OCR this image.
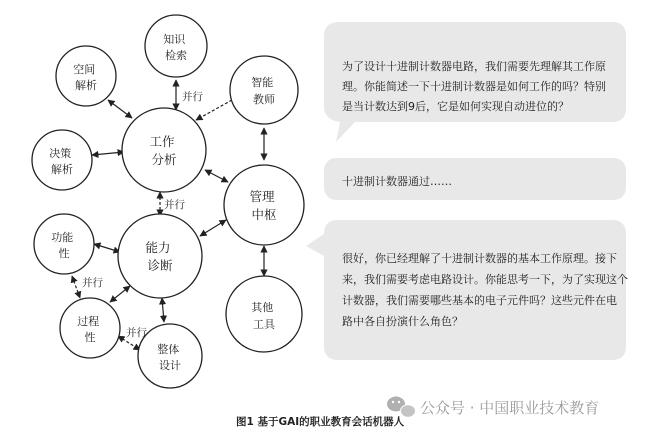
为了设计十进制计数器电路，我们需要先理解其工作原 理。你能简述一下十进制计数器是如何工作的吗？特别 是当计数达到9后，它是如何实现自动进位的？
十进制计数器通过……
很好，你已经理解了十进制计数器的基本工作原理。接下 来，我们需要考虑电路设计。你能思考一下，为了实现这个 计数器，我们需要哪些基本的电子元件吗？这些元件在电 路中各自扮演什么角色？
并行
并行
并行
并行
知识 检索
空间 解析	智能 教师
工作 分析
决策 解析
管理 中枢
功能 性	能力 诊断
其他 工具
过程 性
整体 设计
公众号 · 中国职业技术教育
图1 基于GAI的职业教育会话机器人
